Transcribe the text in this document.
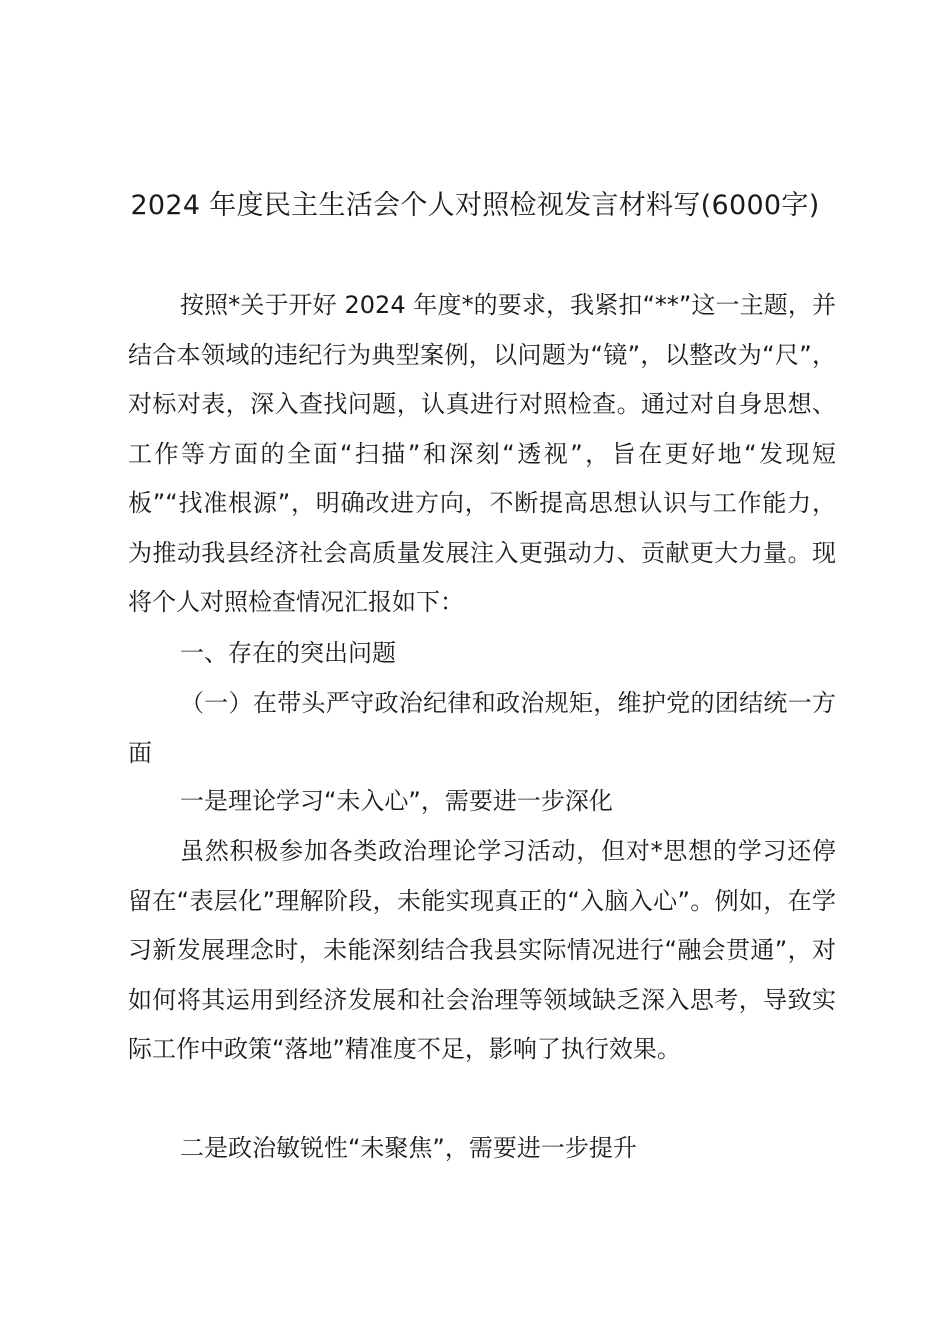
2024 年度民主生活会个人对照检视发言材料写(6000字)

按照*关于开好 2024 年度*的要求，我紧扣“**”这一主题，并结合本领域的违纪行为典型案例，以问题为“镜”，以整改为“尺”，对标对表，深入查找问题，认真进行对照检查。通过对自身思想、工作等方面的全面“扫描”和深刻“透视”，旨在更好地“发现短板”“找准根源”，明确改进方向，不断提高思想认识与工作能力，为推动我县经济社会高质量发展注入更强动力、贡献更大力量。现将个人对照检查情况汇报如下：

一、存在的突出问题

（一）在带头严守政治纪律和政治规矩，维护党的团结统一方面

一是理论学习“未入心”，需要进一步深化

虽然积极参加各类政治理论学习活动，但对*思想的学习还停留在“表层化”理解阶段，未能实现真正的“入脑入心”。例如，在学习新发展理念时，未能深刻结合我县实际情况进行“融会贯通”，对如何将其运用到经济发展和社会治理等领域缺乏深入思考，导致实际工作中政策“落地”精准度不足，影响了执行效果。

二是政治敏锐性“未聚焦”，需要进一步提升
